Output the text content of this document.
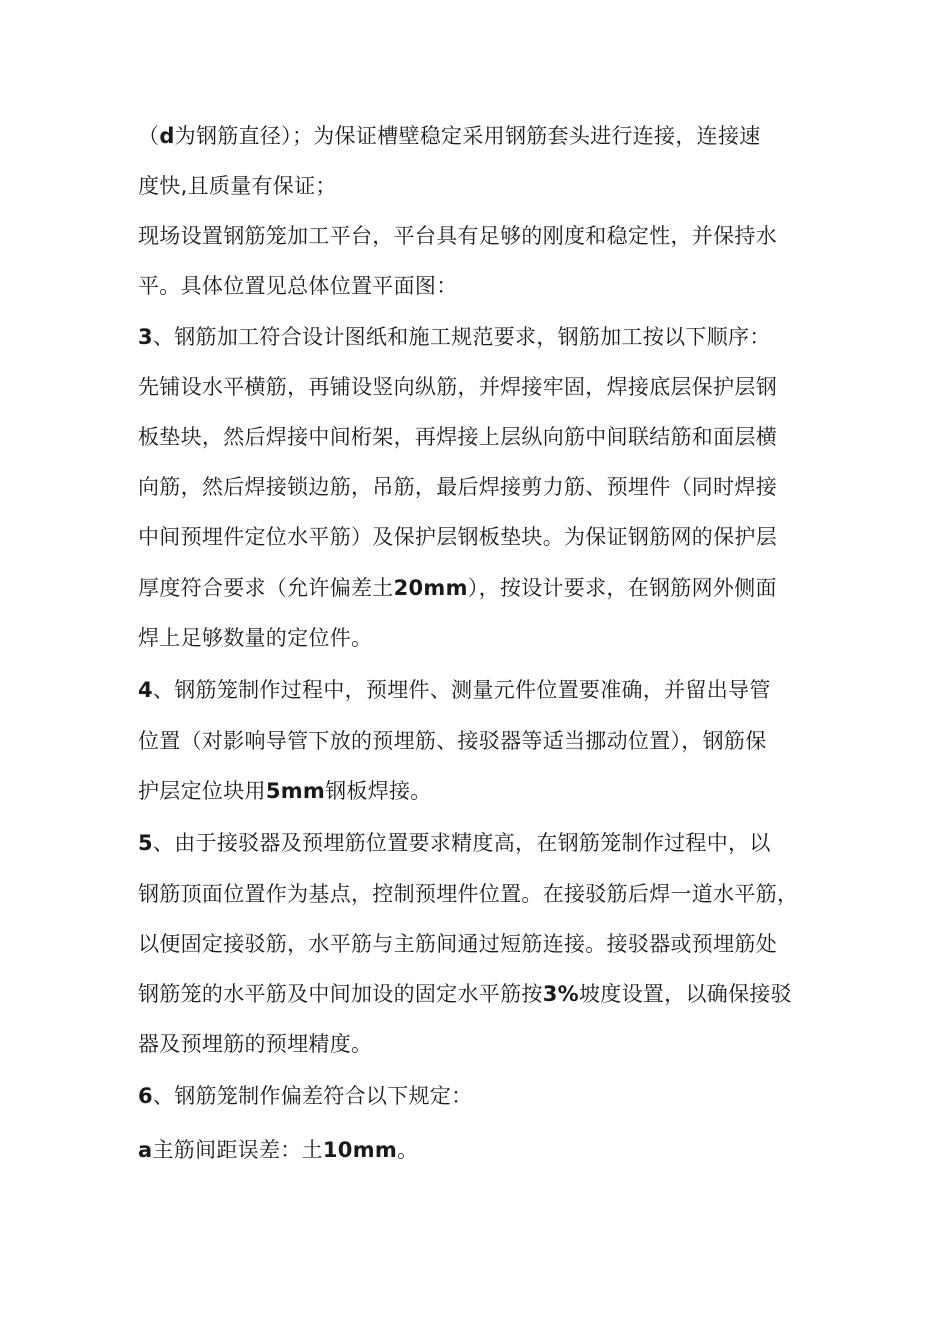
（d为钢筋直径）；为保证槽壁稳定采用钢筋套头进行连接，连接速
度快,且质量有保证；
现场设置钢筋笼加工平台，平台具有足够的刚度和稳定性，并保持水
平。具体位置见总体位置平面图：
3、钢筋加工符合设计图纸和施工规范要求，钢筋加工按以下顺序：
先铺设水平横筋，再铺设竖向纵筋，并焊接牢固，焊接底层保护层钢
板垫块，然后焊接中间桁架，再焊接上层纵向筋中间联结筋和面层横
向筋，然后焊接锁边筋，吊筋，最后焊接剪力筋、预埋件（同时焊接
中间预埋件定位水平筋）及保护层钢板垫块。为保证钢筋网的保护层
厚度符合要求（允许偏差土20mm），按设计要求，在钢筋网外侧面
焊上足够数量的定位件。
4、钢筋笼制作过程中，预埋件、测量元件位置要准确，并留出导管
位置（对影响导管下放的预埋筋、接驳器等适当挪动位置），钢筋保
护层定位块用5mm钢板焊接。
5、由于接驳器及预埋筋位置要求精度高，在钢筋笼制作过程中，以
钢筋顶面位置作为基点，控制预埋件位置。在接驳筋后焊一道水平筋，
以便固定接驳筋，水平筋与主筋间通过短筋连接。接驳器或预埋筋处
钢筋笼的水平筋及中间加设的固定水平筋按3%坡度设置，以确保接驳
器及预埋筋的预埋精度。
6、钢筋笼制作偏差符合以下规定：
a主筋间距误差：土10mm。
